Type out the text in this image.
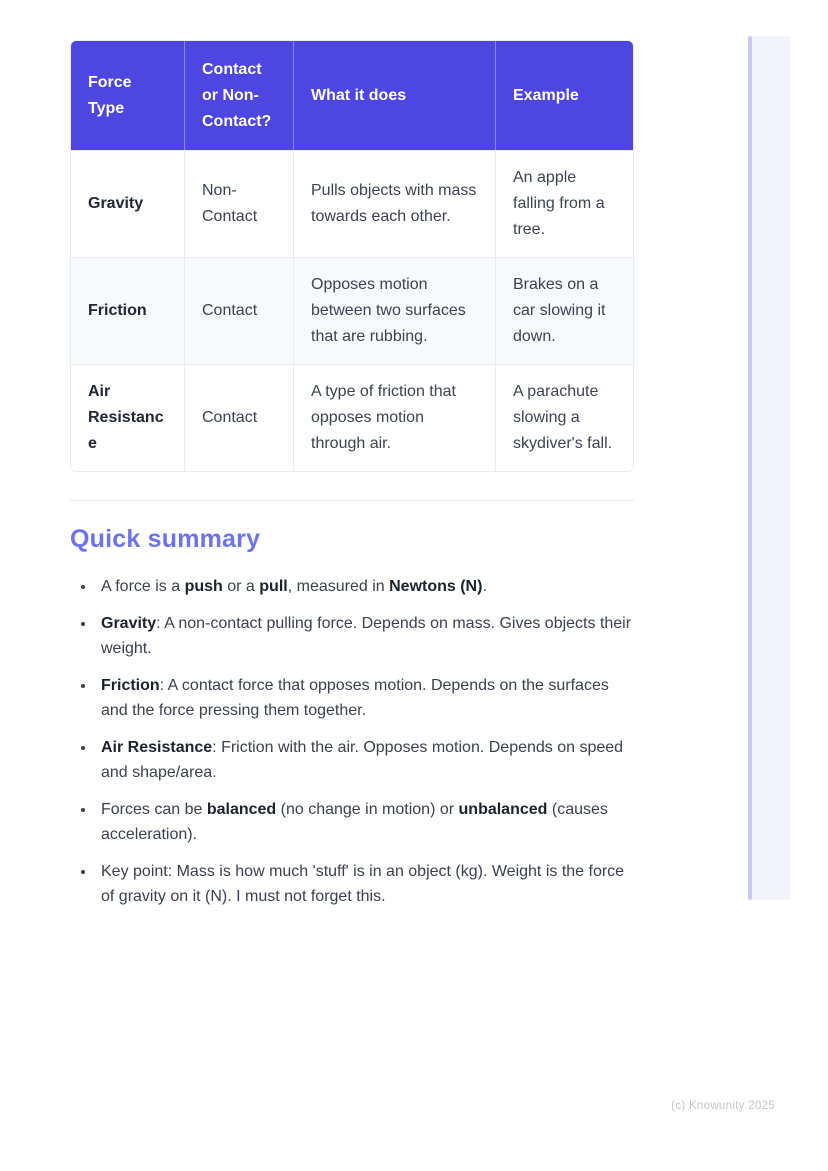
Force Type	Contact or Non-Contact?	What it does	Example
Gravity	Non-Contact	Pulls objects with mass towards each other.	An apple falling from a tree.
Friction	Contact	Opposes motion between two surfaces that are rubbing.	Brakes on a car slowing it down.
Air Resistance	Contact	A type of friction that opposes motion through air.	A parachute slowing a skydiver's fall.
Quick summary
• A force is a push or a pull, measured in Newtons (N).
• Gravity: A non-contact pulling force. Depends on mass. Gives objects their weight.
• Friction: A contact force that opposes motion. Depends on the surfaces and the force pressing them together.
• Air Resistance: Friction with the air. Opposes motion. Depends on speed and shape/area.
• Forces can be balanced (no change in motion) or unbalanced (causes acceleration).
• Key point: Mass is how much 'stuff' is in an object (kg). Weight is the force of gravity on it (N). I must not forget this.
(c) Knowunity 2025
